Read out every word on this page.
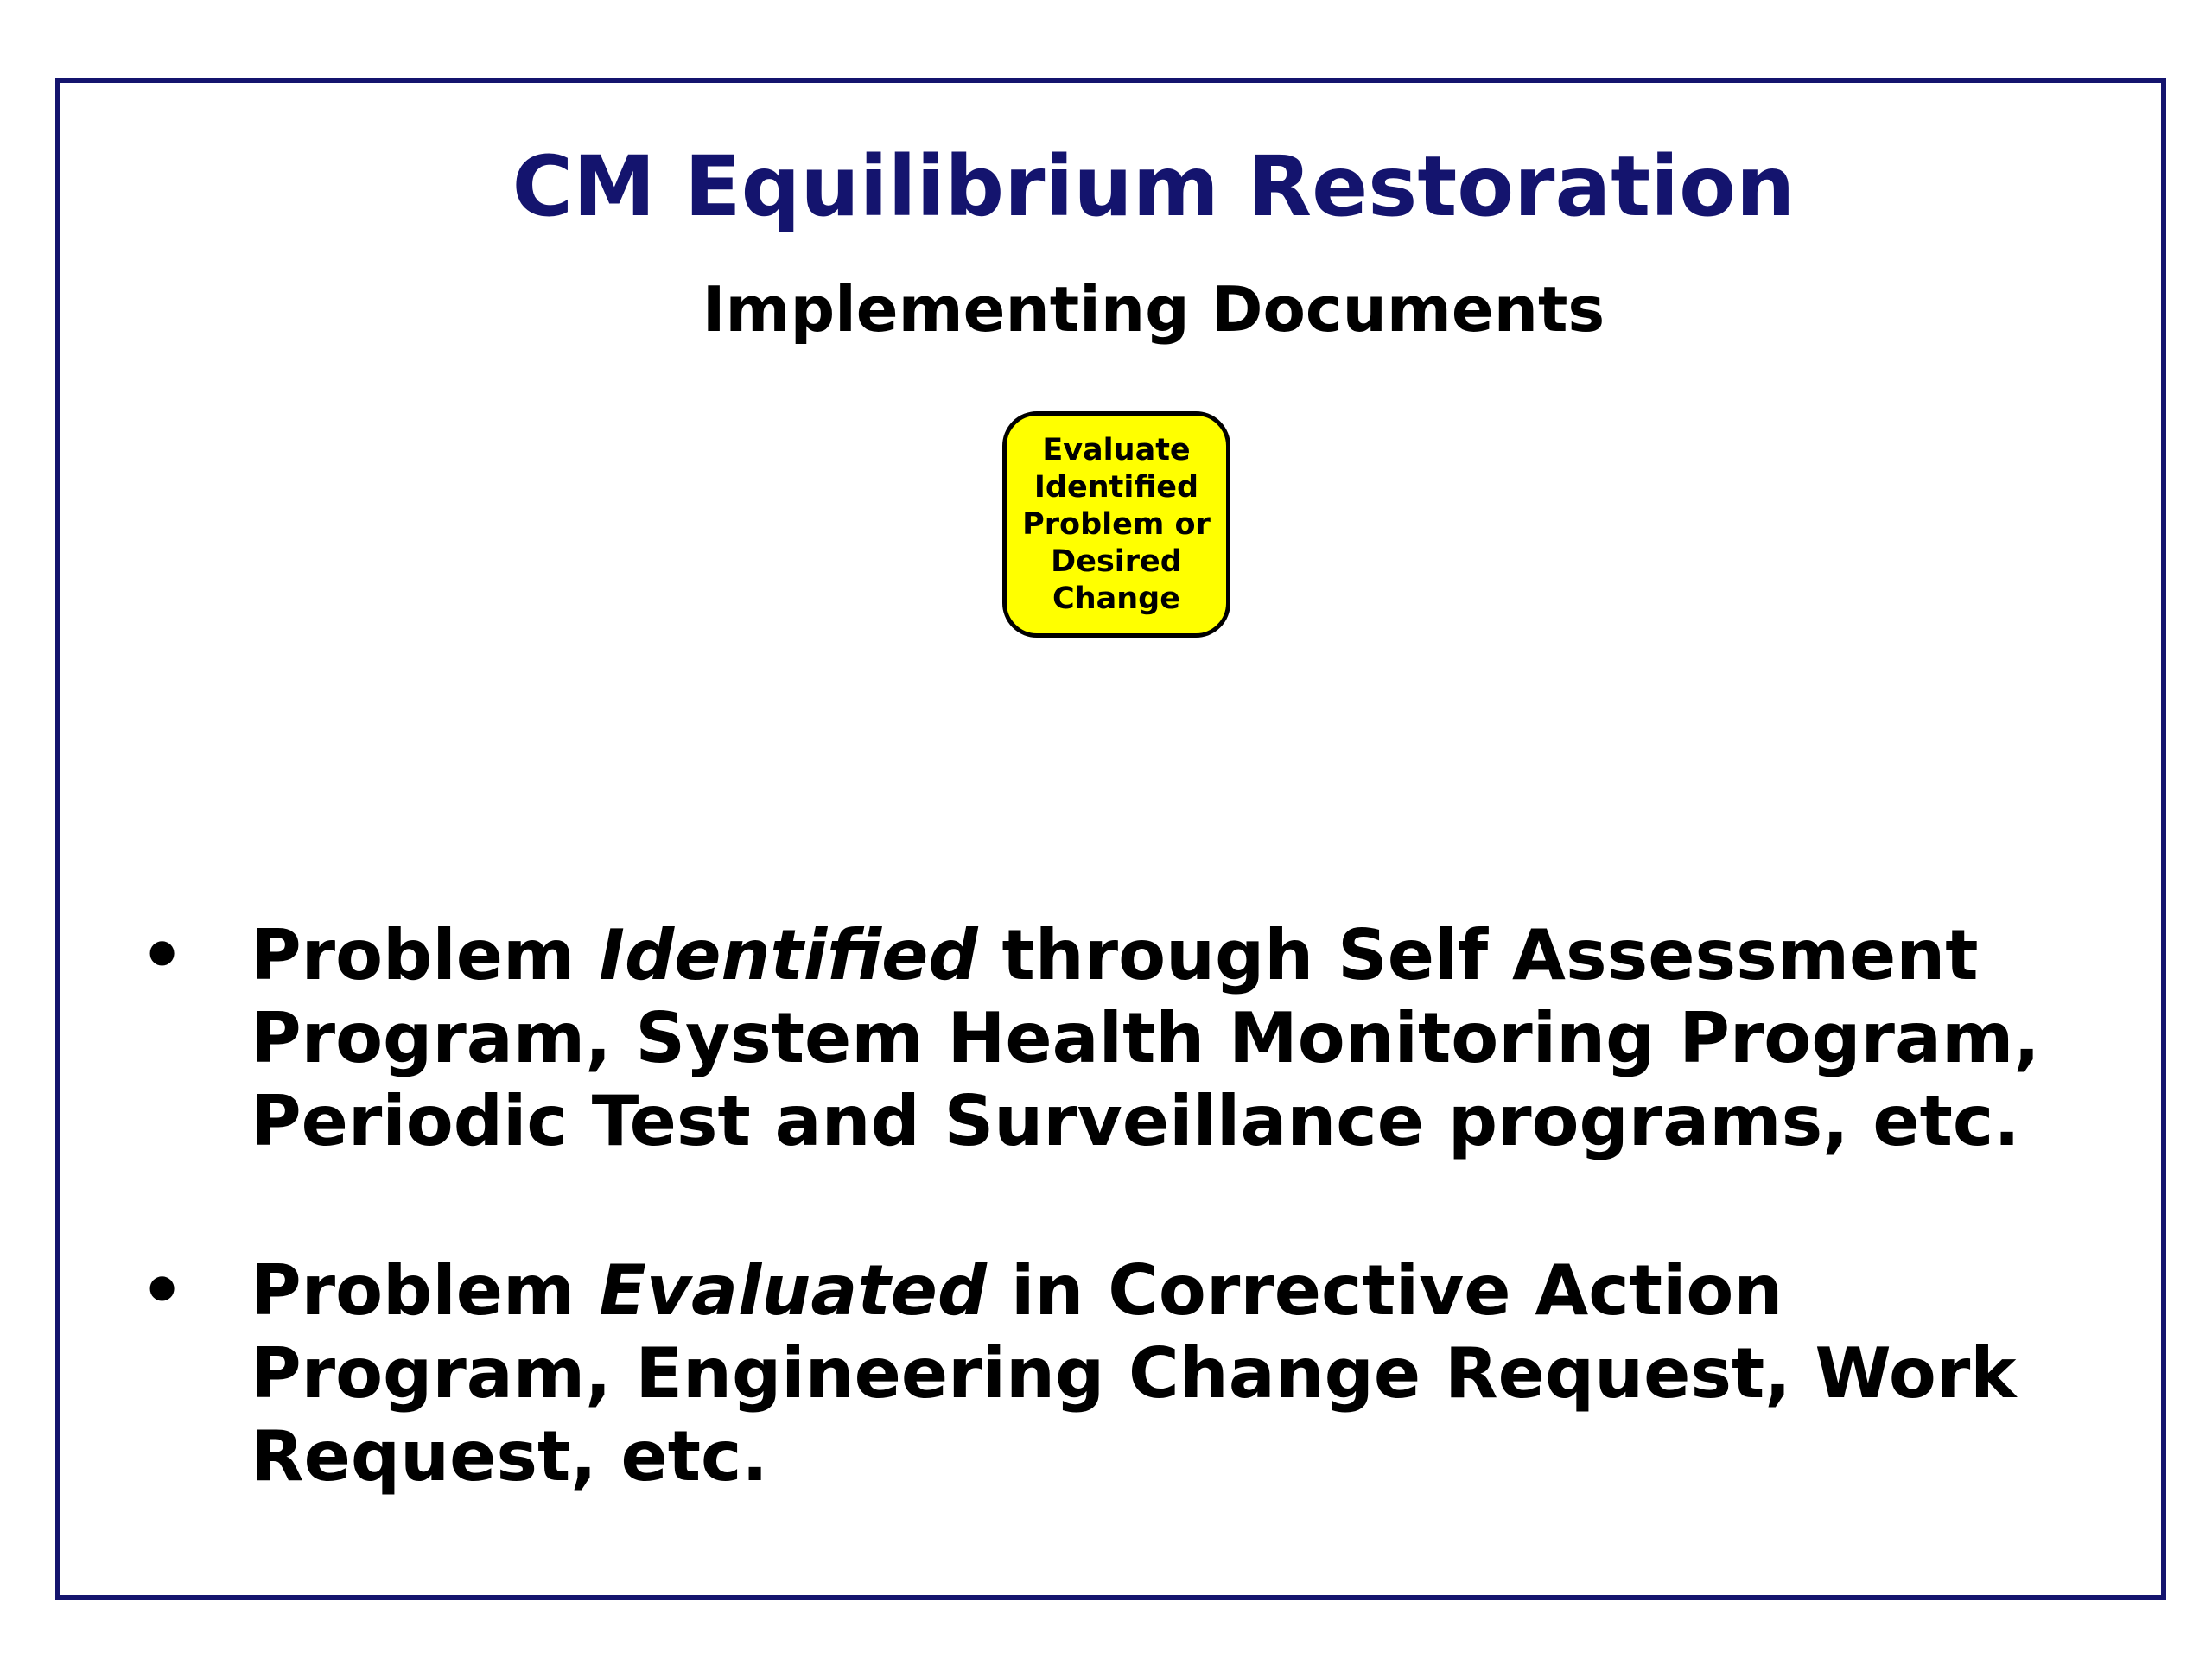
CM Equilibrium Restoration
Implementing Documents
Evaluate
Identified
Problem or
Desired
Change
• Problem Identified through Self Assessment Program, System Health Monitoring Program, Periodic Test and Surveillance programs, etc.
• Problem Evaluated in Corrective Action Program, Engineering Change Request, Work Request, etc.
